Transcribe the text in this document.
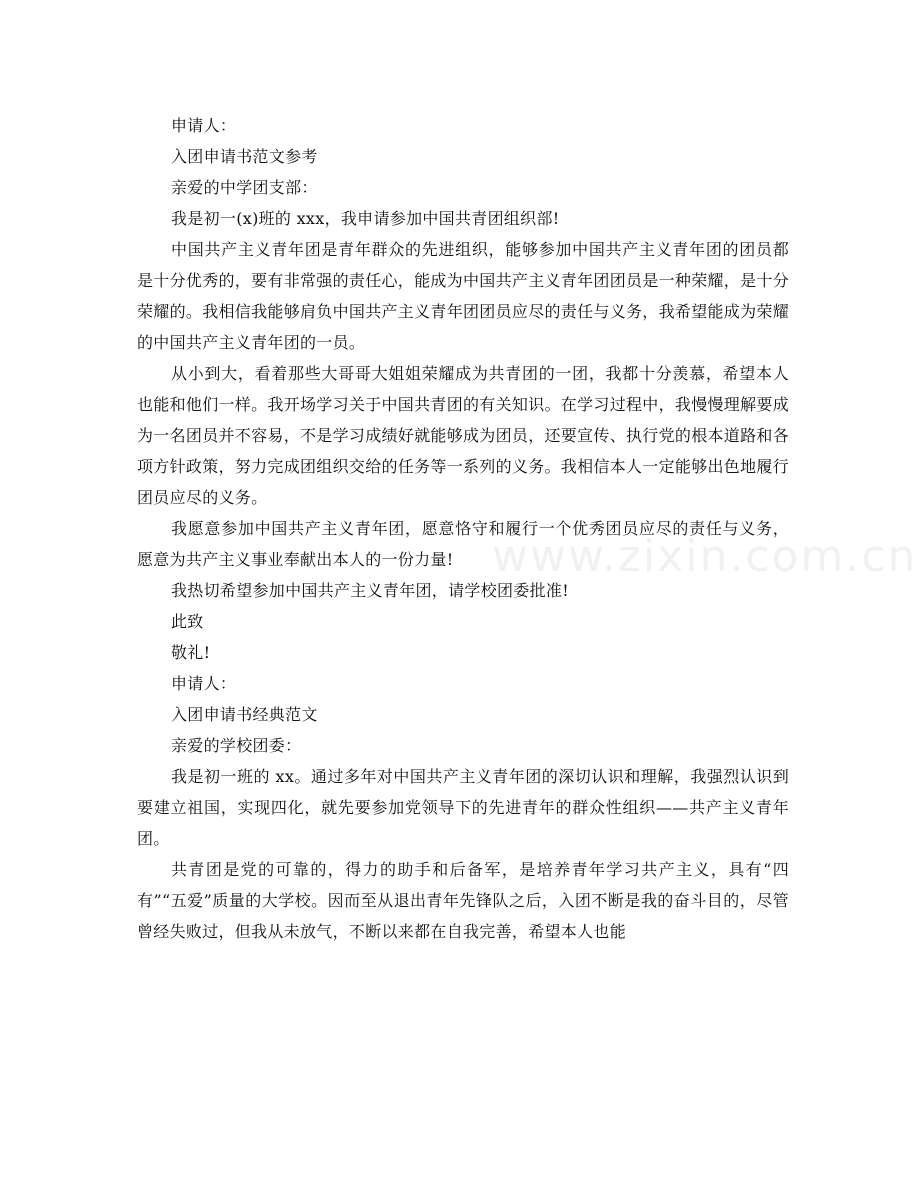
申请人：

入团申请书范文参考

亲爱的中学团支部：

我是初一(x)班的 xxx，我申请参加中国共青团组织部!

中国共产主义青年团是青年群众的先进组织，能够参加中国共产主义青年团的团员都是十分优秀的，要有非常强的责任心，能成为中国共产主义青年团团员是一种荣耀，是十分荣耀的。我相信我能够肩负中国共产主义青年团团员应尽的责任与义务，我希望能成为荣耀的中国共产主义青年团的一员。

从小到大，看着那些大哥哥大姐姐荣耀成为共青团的一团，我都十分羡慕，希望本人也能和他们一样。我开场学习关于中国共青团的有关知识。在学习过程中，我慢慢理解要成为一名团员并不容易，不是学习成绩好就能够成为团员，还要宣传、执行党的根本道路和各项方针政策，努力完成团组织交给的任务等一系列的义务。我相信本人一定能够出色地履行团员应尽的义务。

我愿意参加中国共产主义青年团，愿意恪守和履行一个优秀团员应尽的责任与义务，愿意为共产主义事业奉献出本人的一份力量!

我热切希望参加中国共产主义青年团，请学校团委批准!

此致

敬礼!

申请人：

入团申请书经典范文

亲爱的学校团委：

我是初一班的 xx。通过多年对中国共产主义青年团的深切认识和理解，我强烈认识到要建立祖国，实现四化，就先要参加党领导下的先进青年的群众性组织——共产主义青年团。

共青团是党的可靠的，得力的助手和后备军，是培养青年学习共产主义，具有“四有”“五爱”质量的大学校。因而至从退出青年先锋队之后，入团不断是我的奋斗目的，尽管曾经失败过，但我从未放气，不断以来都在自我完善，希望本人也能

www.zixin.com.cn
